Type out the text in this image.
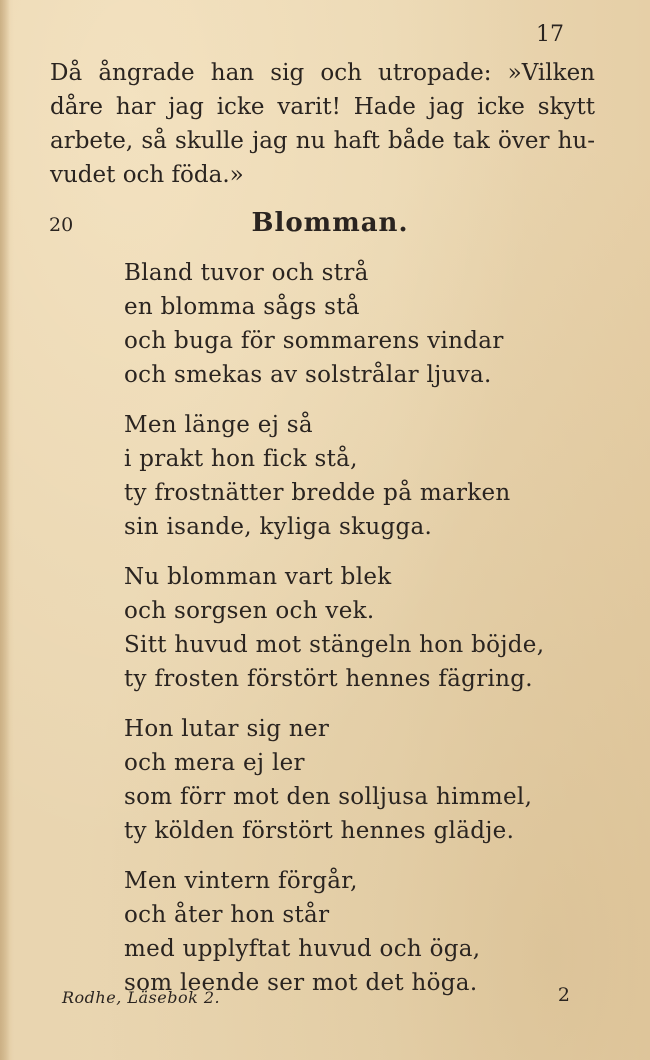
17
Då ångrade han sig och utropade: »Vilken
dåre har jag icke varit! Hade jag icke skytt
arbete, så skulle jag nu haft både tak över hu-
vudet och föda.»
20	Blomman.
Bland tuvor och strå
en blomma sågs stå
och buga för sommarens vindar
och smekas av solstrålar ljuva.
Men länge ej så
i prakt hon fick stå,
ty frostnätter bredde på marken
sin isande, kyliga skugga.
Nu blomman vart blek
och sorgsen och vek.
Sitt huvud mot stängeln hon böjde,
ty frosten förstört hennes fägring.
Hon lutar sig ner
och mera ej ler
som förr mot den solljusa himmel,
ty kölden förstört hennes glädje.
Men vintern förgår,
och åter hon står
med upplyftat huvud och öga,
som leende ser mot det höga.
Rodhe, Läsebok 2.	2
